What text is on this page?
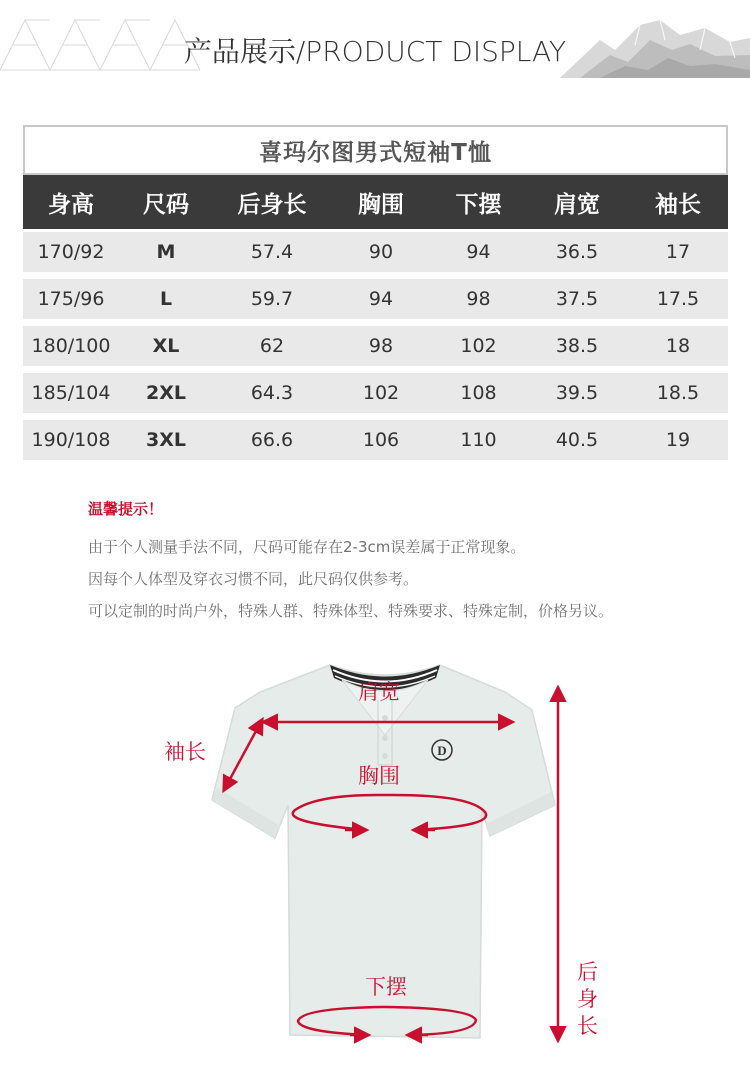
产品展示/PRODUCT DISPLAY
喜玛尔图男式短袖T恤
身高	尺码	后身长	胸围	下摆	肩宽	袖长
170/92	M	57.4	90	94	36.5	17
175/96	L	59.7	94	98	37.5	17.5
180/100	XL	62	98	102	38.5	18
185/104	2XL	64.3	102	108	39.5	18.5
190/108	3XL	66.6	106	110	40.5	19
温馨提示！
由于个人测量手法不同，尺码可能存在2-3cm误差属于正常现象。
因每个人体型及穿衣习惯不同，此尺码仅供参考。
可以定制的时尚户外，特殊人群、特殊体型、特殊要求、特殊定制，价格另议。
D
肩宽
袖长
胸围
下摆
后
身
长
